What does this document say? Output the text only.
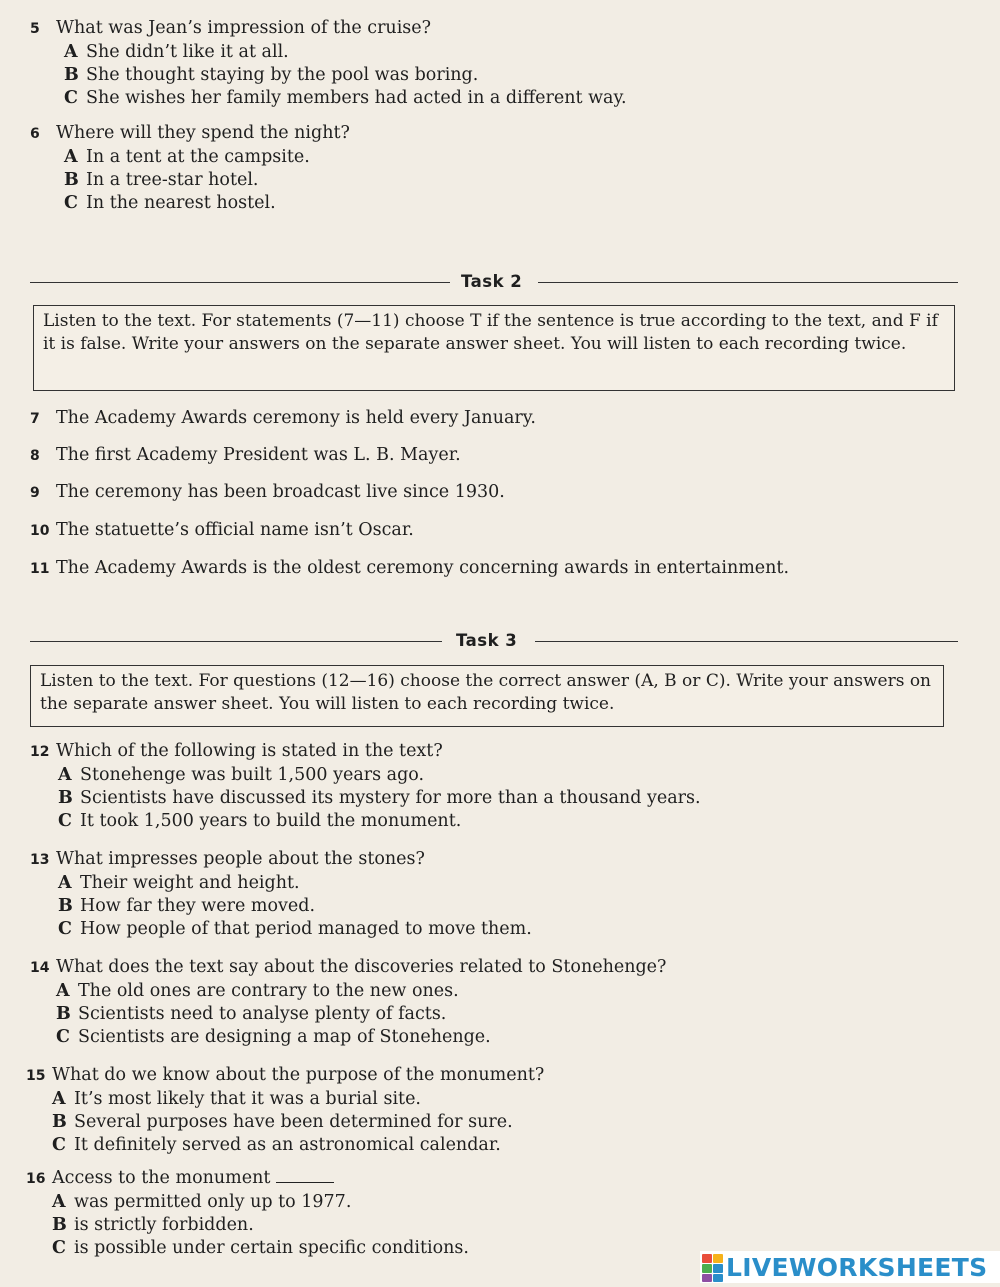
5 What was Jean’s impression of the cruise?
A She didn’t like it at all.
B She thought staying by the pool was boring.
C She wishes her family members had acted in a different way.
6 Where will they spend the night?
A In a tent at the campsite.
B In a tree-star hotel.
C In the nearest hostel.
Task 2
Listen to the text. For statements (7—11) choose T if the sentence is true according to the text, and F if it is false. Write your answers on the separate answer sheet. You will listen to each recording twice.
7 The Academy Awards ceremony is held every January.
8 The first Academy President was L. B. Mayer.
9 The ceremony has been broadcast live since 1930.
10 The statuette’s official name isn’t Oscar.
11 The Academy Awards is the oldest ceremony concerning awards in entertainment.
Task 3
Listen to the text. For questions (12—16) choose the correct answer (A, B or C). Write your answers on the separate answer sheet. You will listen to each recording twice.
12 Which of the following is stated in the text?
A Stonehenge was built 1,500 years ago.
B Scientists have discussed its mystery for more than a thousand years.
C It took 1,500 years to build the monument.
13 What impresses people about the stones?
A Their weight and height.
B How far they were moved.
C How people of that period managed to move them.
14 What does the text say about the discoveries related to Stonehenge?
A The old ones are contrary to the new ones.
B Scientists need to analyse plenty of facts.
C Scientists are designing a map of Stonehenge.
15 What do we know about the purpose of the monument?
A It’s most likely that it was a burial site.
B Several purposes have been determined for sure.
C It definitely served as an astronomical calendar.
16 Access to the monument
A was permitted only up to 1977.
B is strictly forbidden.
C is possible under certain specific conditions.
LIVEWORKSHEETS
